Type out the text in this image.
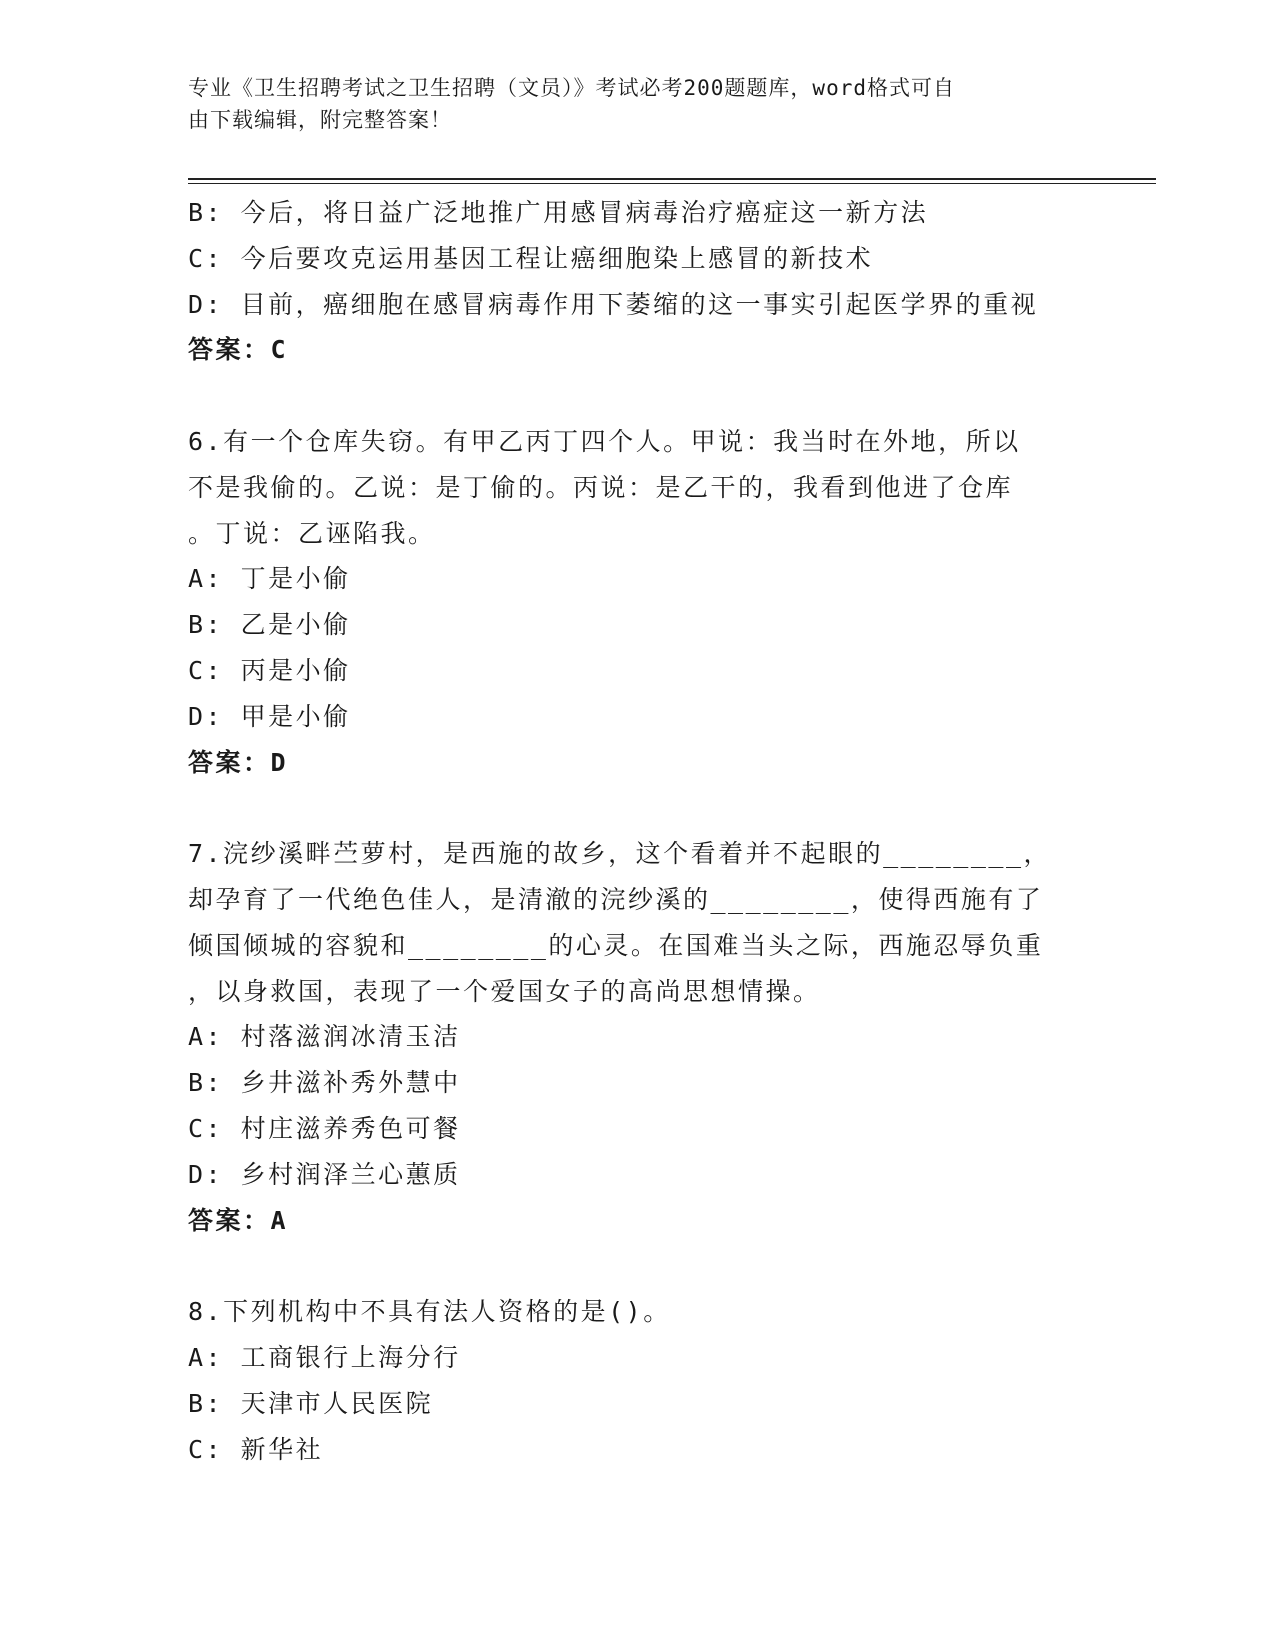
专业《卫生招聘考试之卫生招聘（文员）》考试必考200题题库，word格式可自
由下载编辑，附完整答案！
B: 今后，将日益广泛地推广用感冒病毒治疗癌症这一新方法
C: 今后要攻克运用基因工程让癌细胞染上感冒的新技术
D: 目前，癌细胞在感冒病毒作用下萎缩的这一事实引起医学界的重视
答案：C
6.有一个仓库失窃。有甲乙丙丁四个人。甲说：我当时在外地，所以
不是我偷的。乙说：是丁偷的。丙说：是乙干的，我看到他进了仓库
。丁说：乙诬陷我。
A: 丁是小偷
B: 乙是小偷
C: 丙是小偷
D: 甲是小偷
答案：D
7.浣纱溪畔苎萝村，是西施的故乡，这个看着并不起眼的________，
却孕育了一代绝色佳人，是清澈的浣纱溪的________，使得西施有了
倾国倾城的容貌和________的心灵。在国难当头之际，西施忍辱负重
，以身救国，表现了一个爱国女子的高尚思想情操。
A: 村落滋润冰清玉洁
B: 乡井滋补秀外慧中
C: 村庄滋养秀色可餐
D: 乡村润泽兰心蕙质
答案：A
8.下列机构中不具有法人资格的是()。
A: 工商银行上海分行
B: 天津市人民医院
C: 新华社
